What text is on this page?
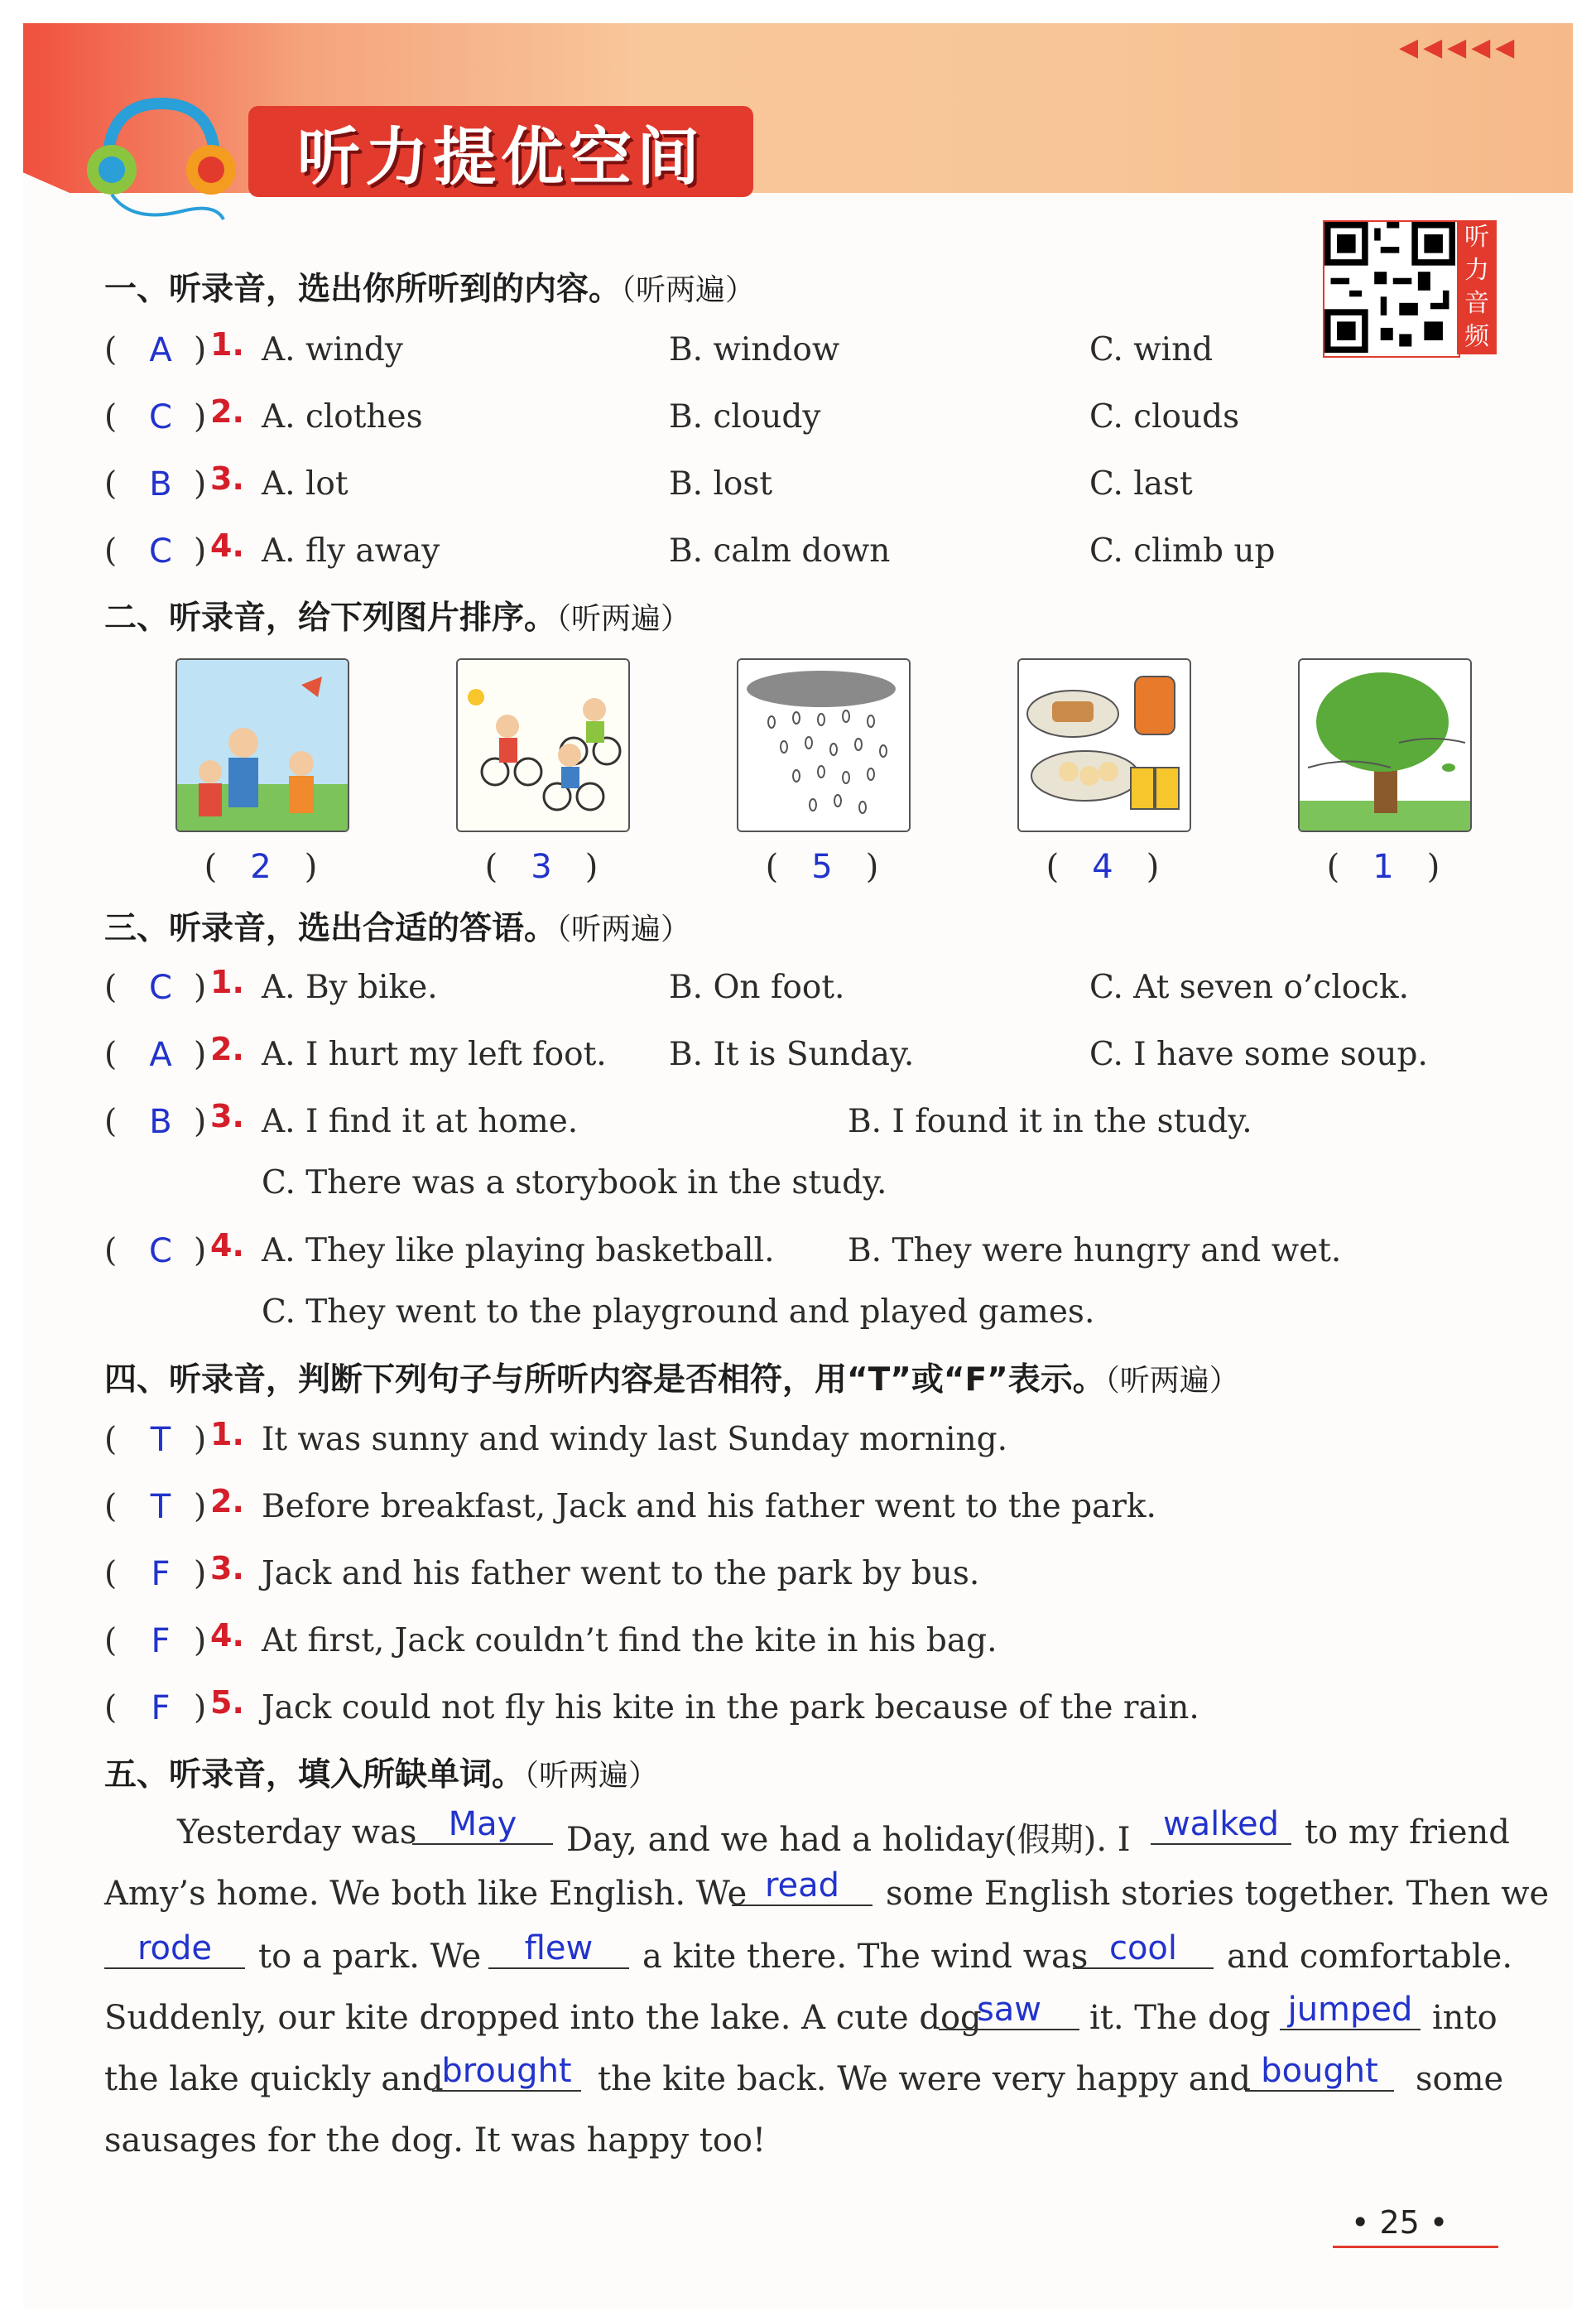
◀◀◀◀◀
听力提优空间
听
力
音
频
一、听录音，选出你所听到的内容。（听两遍）
( A ) 1. A. windy	B. window	C. wind
( C ) 2. A. clothes	B. cloudy	C. clouds
( B ) 3. A. lot	B. lost	C. last
( C ) 4. A. fly away	B. calm down	C. climb up
二、听录音，给下列图片排序。（听两遍）
(　2　)	(　3　)	(　5　)	(　4　)	(　1　)
三、听录音，选出合适的答语。（听两遍）
( C ) 1. A. By bike.	B. On foot.	C. At seven o’clock.
( A ) 2. A. I hurt my left foot. B. It is Sunday.	C. I have some soup.
( B ) 3. A. I find it at home.	B. I found it in the study.
C. There was a storybook in the study.
( C ) 4. A. They like playing basketball. B. They were hungry and wet.
C. They went to the playground and played games.
四、听录音，判断下列句子与所听内容是否相符，用“T”或“F”表示。（听两遍）
(	T ) 1. It was sunny and windy last Sunday morning.
(	T ) 2. Before breakfast, Jack and his father went to the park.
(	F ) 3. Jack and his father went to the park by bus.
(	F ) 4. At first, Jack couldn’t find the kite in his bag.
(	F ) 5. Jack could not fly his kite in the park because of the rain.
五、听录音，填入所缺单词。（听两遍）
Yesterday was May	Day, and we had a holiday(假期). I walked to my friend
Amy’s home. We both like English. We read	some English stories together. Then we
rode	to a park. We	flew	a kite there. The wind was cool	and comfortable.
Suddenly, our kite dropped into the lake. A cute dog
saw	it. The dog jumped into
the lake quickly and
brought the kite back. We were very happy and bought	some
sausages for the dog. It was happy too!
• 25 •
